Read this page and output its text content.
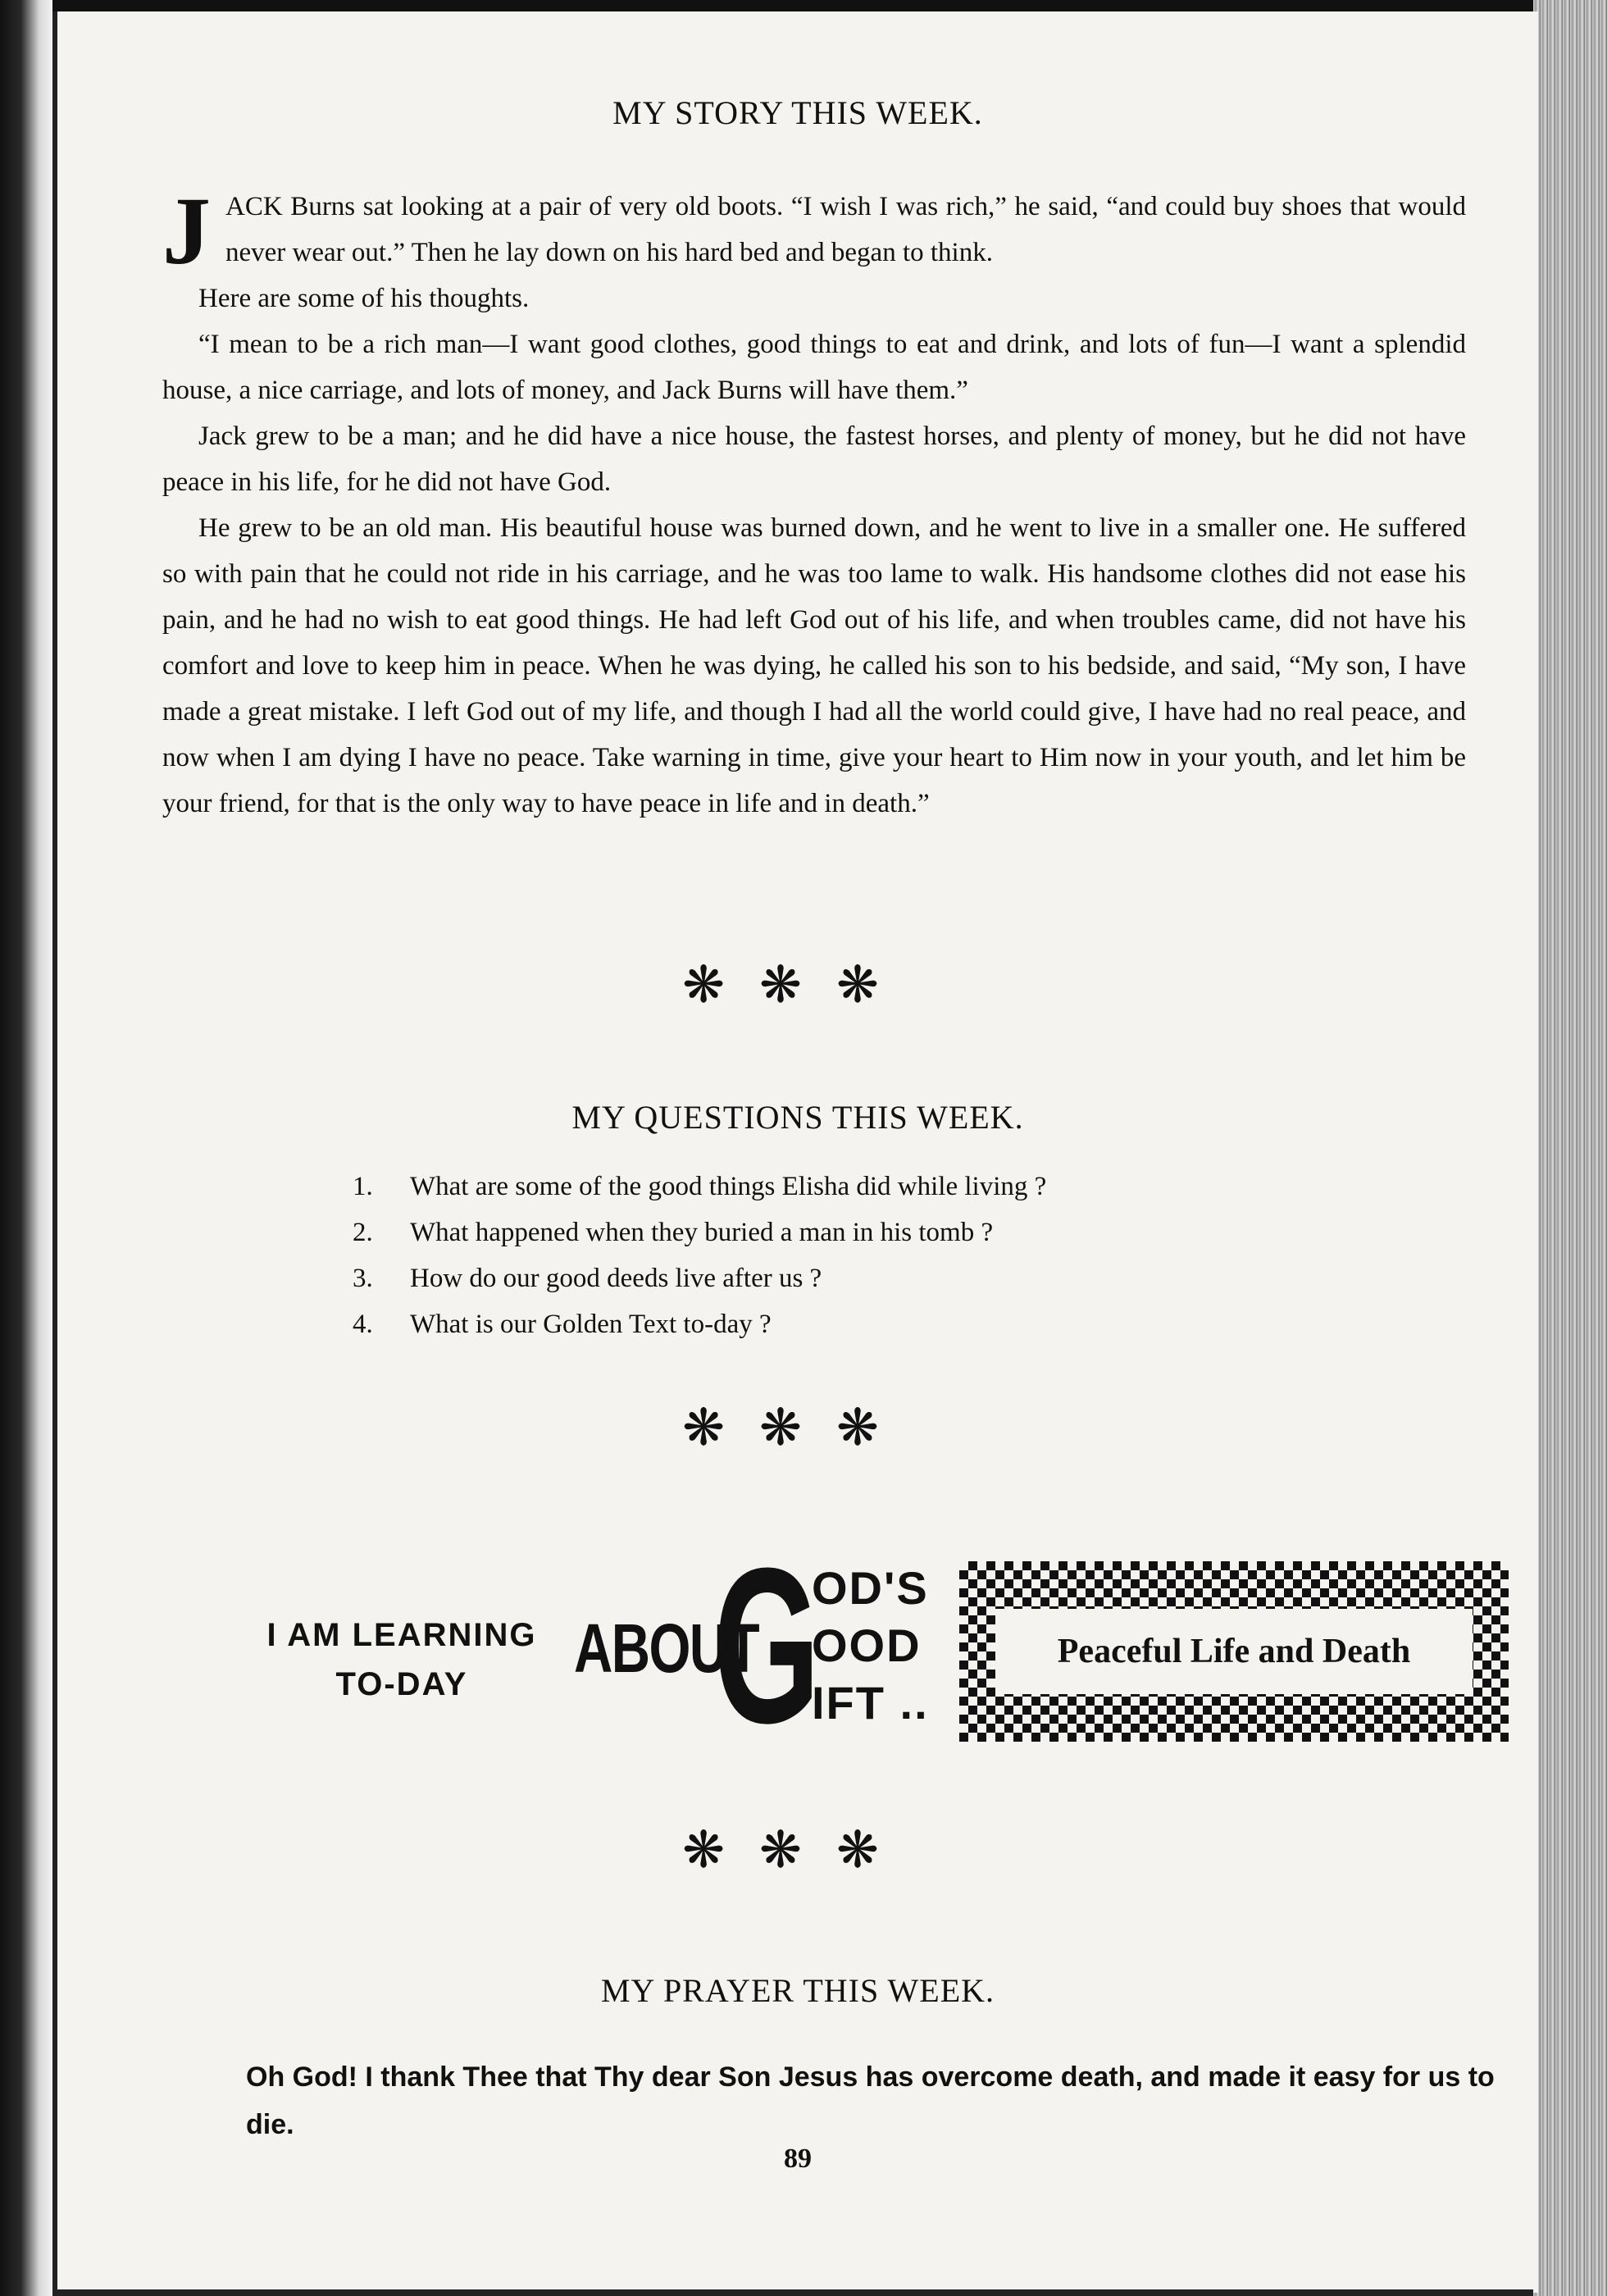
MY STORY THIS WEEK.

JACK Burns sat looking at a pair of very old boots. “I wish I was rich,” he said, “and could buy shoes that would never wear out.” Then he lay down on his hard bed and began to think.

Here are some of his thoughts.

“I mean to be a rich man—I want good clothes, good things to eat and drink, and lots of fun—I want a splendid house, a nice carriage, and lots of money, and Jack Burns will have them.”

Jack grew to be a man; and he did have a nice house, the fastest horses, and plenty of money, but he did not have peace in his life, for he did not have God.

He grew to be an old man. His beautiful house was burned down, and he went to live in a smaller one. He suffered so with pain that he could not ride in his carriage, and he was too lame to walk. His handsome clothes did not ease his pain, and he had no wish to eat good things. He had left God out of his life, and when troubles came, did not have his comfort and love to keep him in peace. When he was dying, he called his son to his bedside, and said, “My son, I have made a great mistake. I left God out of my life, and though I had all the world could give, I have had no real peace, and now when I am dying I have no peace. Take warning in time, give your heart to Him now in your youth, and let him be your friend, for that is the only way to have peace in life and in death.”

❋❋❋
MY QUESTIONS THIS WEEK.
1.	What are some of the good things Elisha did while living ?
2.	What happened when they buried a man in his tomb ?
3.	How do our good deeds live after us ?
4.	What is our Golden Text to-day ?
❋❋❋
I AM LEARNING
TO-DAY	ABOUT
G
OD'S
OOD
IFT ..
Peaceful Life and Death
❋❋❋
MY PRAYER THIS WEEK.
Oh God! I thank Thee that Thy dear Son Jesus has overcome death, and made it easy for us to die.
89
